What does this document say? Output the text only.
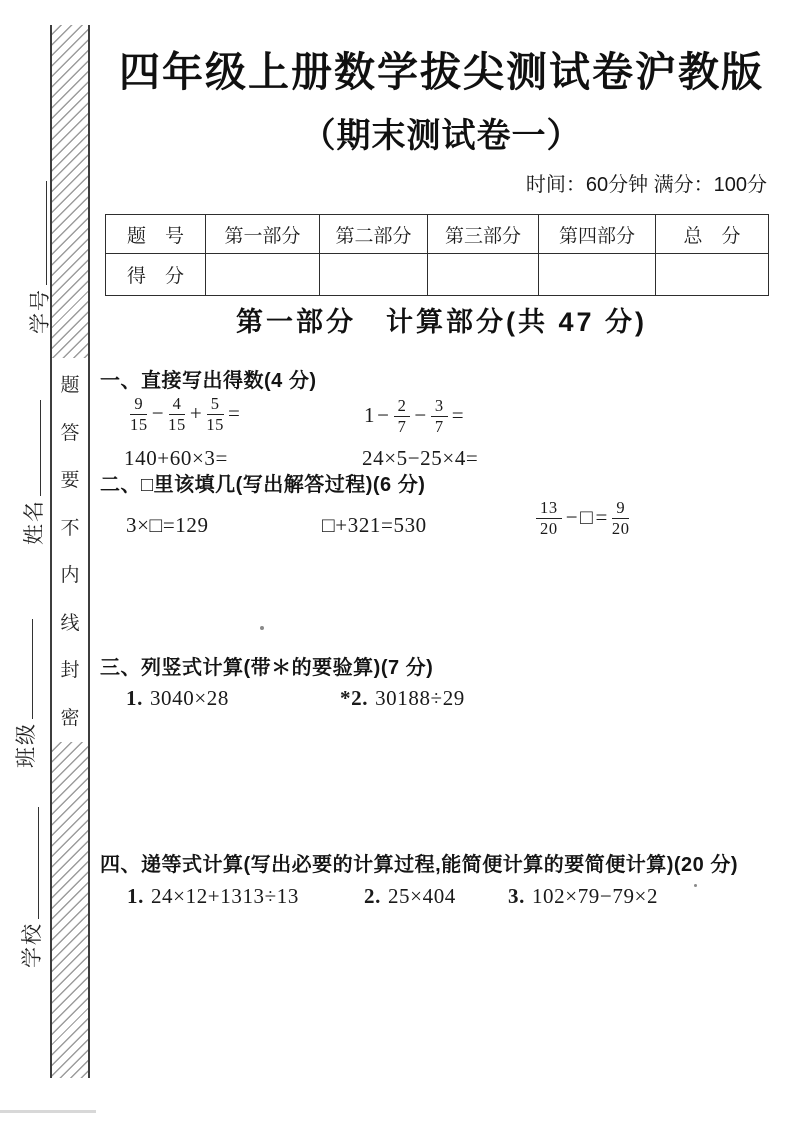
题
答
要
不
内
线
封
密
学号
姓名
班级
学校
四年级上册数学拔尖测试卷沪教版
（期末测试卷一）
时间：60分钟 满分：100分
题　号	第一部分	第二部分	第三部分	第四部分	总　分
得　分					
第一部分　计算部分(共 47 分)
一、直接写出得数(4 分)
$\frac{9}{15} - \frac{4}{15} + \frac{5}{15}$ =	$1- \frac{2}{7} - \frac{3}{7}$ =
140+60×3=	24×5−25×4=
二、□里该填几(写出解答过程)(6 分)
3×□=129	□+321=530	$\frac{13}{20}$ −□= $\frac{9}{20}$
三、列竖式计算(带＊的要验算)(7 分)
1. 3040×28	*2. 30188÷29
四、递等式计算(写出必要的计算过程,能简便计算的要简便计算)(20 分)
1. 24×12+1313÷13	2. 25×404 3. 102×79−79×2
